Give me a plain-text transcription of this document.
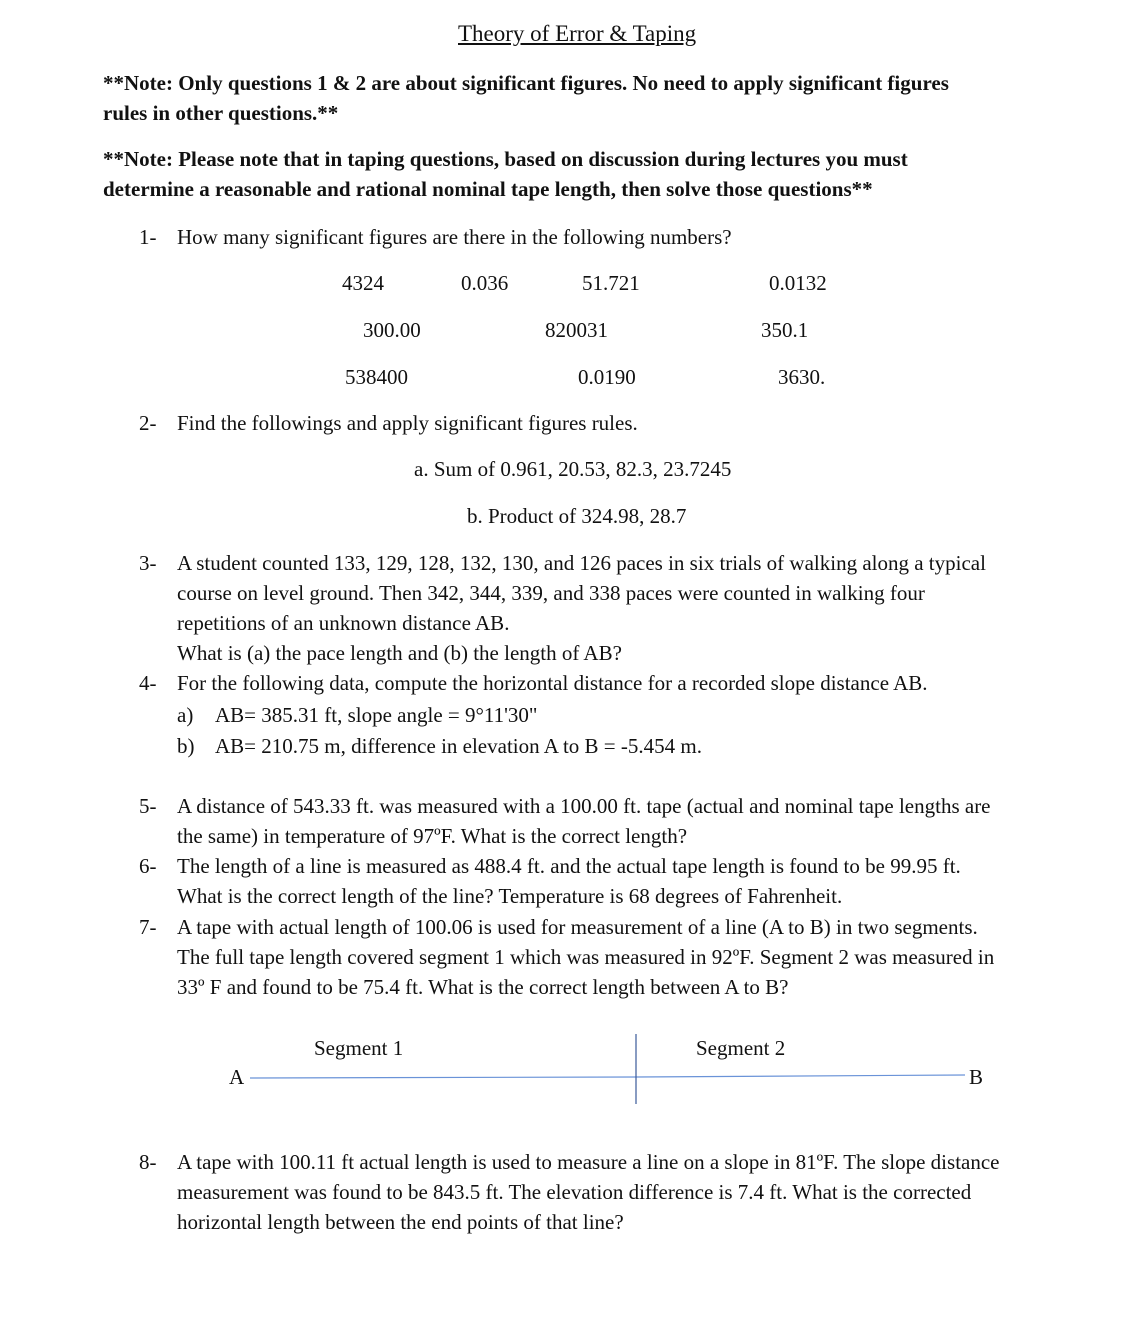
Theory of Error & Taping
**Note: Only questions 1 & 2 are about significant figures. No need to apply significant figures
rules in other questions.**
**Note: Please note that in taping questions, based on discussion during lectures you must
determine a reasonable and rational nominal tape length, then solve those questions**
1- How many significant figures are there in the following numbers?
4324	0.036	51.721	0.0132
300.00	820031	350.1
538400	0.0190	3630.
2- Find the followings and apply significant figures rules.
a. Sum of 0.961, 20.53, 82.3, 23.7245
b. Product of 324.98, 28.7
3- A student counted 133, 129, 128, 132, 130, and 126 paces in six trials of walking along a typical
course on level ground. Then 342, 344, 339, and 338 paces were counted in walking four
repetitions of an unknown distance AB.
What is (a) the pace length and (b) the length of AB?
4- For the following data, compute the horizontal distance for a recorded slope distance AB.
a) AB= 385.31 ft, slope angle = 9°11'30"
b) AB= 210.75 m, difference in elevation A to B = -5.454 m.
5- A distance of 543.33 ft. was measured with a 100.00 ft. tape (actual and nominal tape lengths are
the same) in temperature of 97ºF. What is the correct length?
6- The length of a line is measured as 488.4 ft. and the actual tape length is found to be 99.95 ft.
What is the correct length of the line? Temperature is 68 degrees of Fahrenheit.
7- A tape with actual length of 100.06 is used for measurement of a line (A to B) in two segments.
The full tape length covered segment 1 which was measured in 92ºF. Segment 2 was measured in
33º F and found to be 75.4 ft. What is the correct length between A to B?
Segment 1	Segment 2
A	B
8- A tape with 100.11 ft actual length is used to measure a line on a slope in 81ºF. The slope distance
measurement was found to be 843.5 ft. The elevation difference is 7.4 ft. What is the corrected
horizontal length between the end points of that line?
